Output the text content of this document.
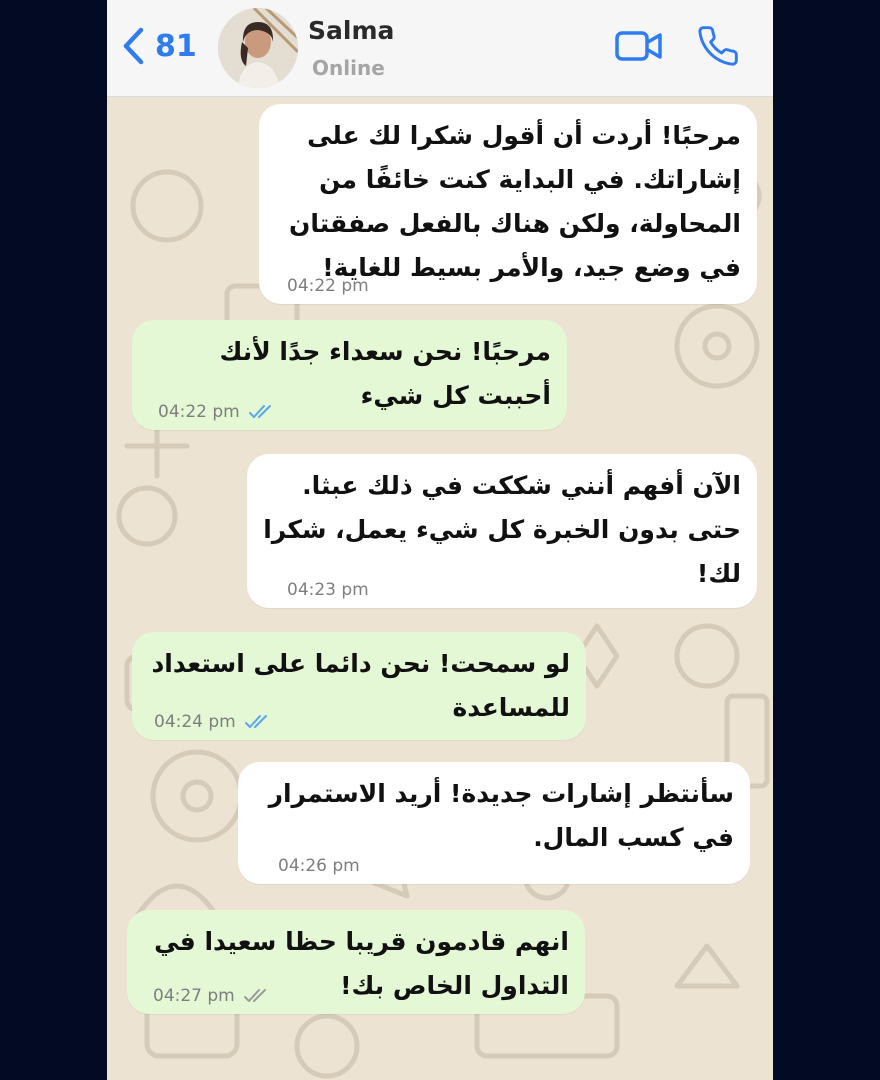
81	Salma
Online
مرحبًا! أردت أن أقول شكرا لك على إشاراتك. في البداية كنت خائفًا من المحاولة، ولكن هناك بالفعل صفقتان في وضع جيد، والأمر بسيط للغاية!
04:22 pm
مرحبًا! نحن سعداء جدًا لأنك أحببت كل شيء
04:22 pm
الآن أفهم أنني شككت في ذلك عبثا. حتى بدون الخبرة كل شيء يعمل، شكرا لك!
04:23 pm
لو سمحت! نحن دائما على استعداد للمساعدة
04:24 pm
سأنتظر إشارات جديدة! أريد الاستمرار في كسب المال.
04:26 pm
انهم قادمون قريبا حظا سعيدا في التداول الخاص بك!
04:27 pm
